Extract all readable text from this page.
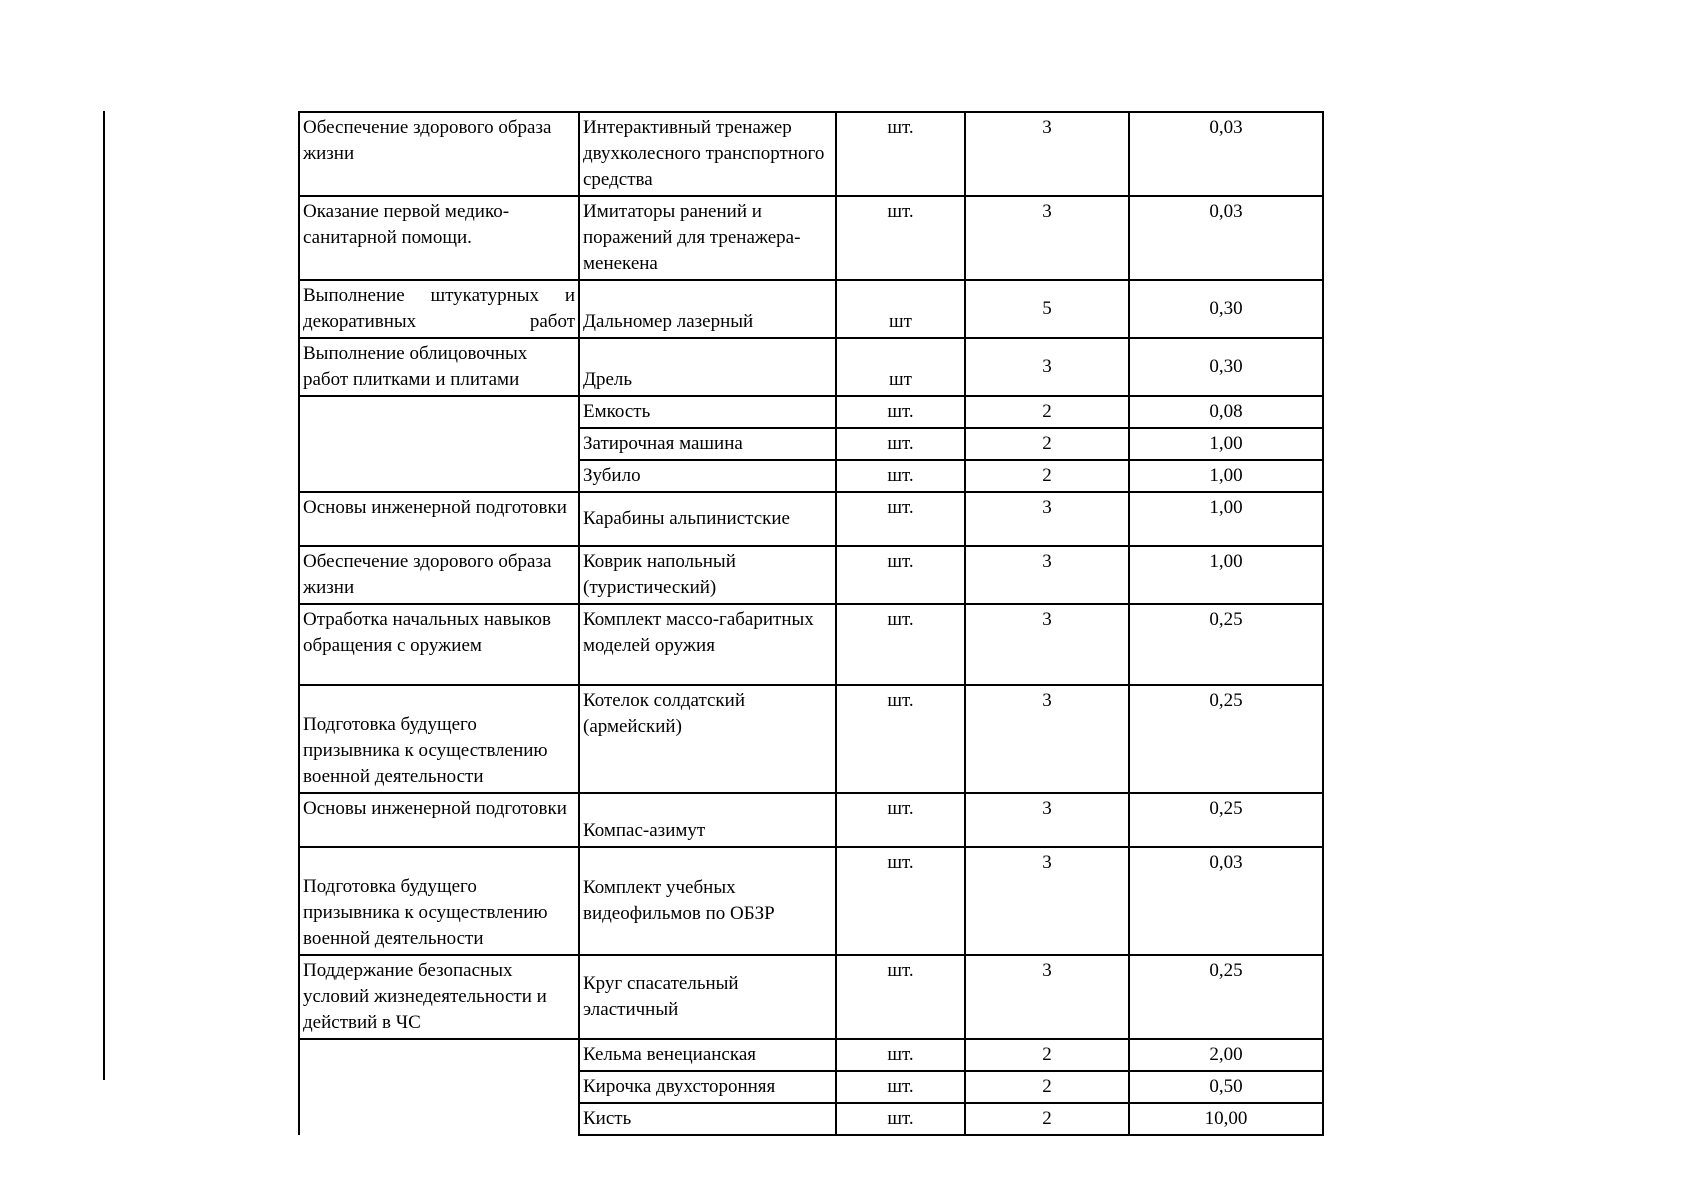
Обеспечение здорового образа жизни	Интерактивный тренажер двухколесного транспортного средства	шт.	3	0,03
Оказание первой медико-санитарной помощи.	Имитаторы ранений и поражений для тренажера-менекена	шт.	3	0,03
Выполнение штукатурных и декоративных работ	Дальномер лазерный	шт	5	0,30
Выполнение облицовочных работ плитками и плитами	Дрель	шт	3	0,30
	Емкость	шт.	2	0,08
	Затирочная машина	шт.	2	1,00
	Зубило	шт.	2	1,00
Основы инженерной подготовки	Карабины альпинистские	шт.	3	1,00
Обеспечение здорового образа жизни	Коврик напольный (туристический)	шт.	3	1,00
Отработка начальных навыков обращения с оружием	Комплект массо-габаритных моделей оружия	шт.	3	0,25
Подготовка будущего призывника к осуществлению военной деятельности	Котелок солдатский (армейский)	шт.	3	0,25
Основы инженерной подготовки	Компас-азимут	шт.	3	0,25
Подготовка будущего призывника к осуществлению военной деятельности	Комплект учебных видеофильмов по ОБЗР	шт.	3	0,03
Поддержание безопасных условий жизнедеятельности и действий в ЧС	Круг спасательный эластичный	шт.	3	0,25
	Кельма венецианская	шт.	2	2,00
	Кирочка двухсторонняя	шт.	2	0,50
	Кисть	шт.	2	10,00
